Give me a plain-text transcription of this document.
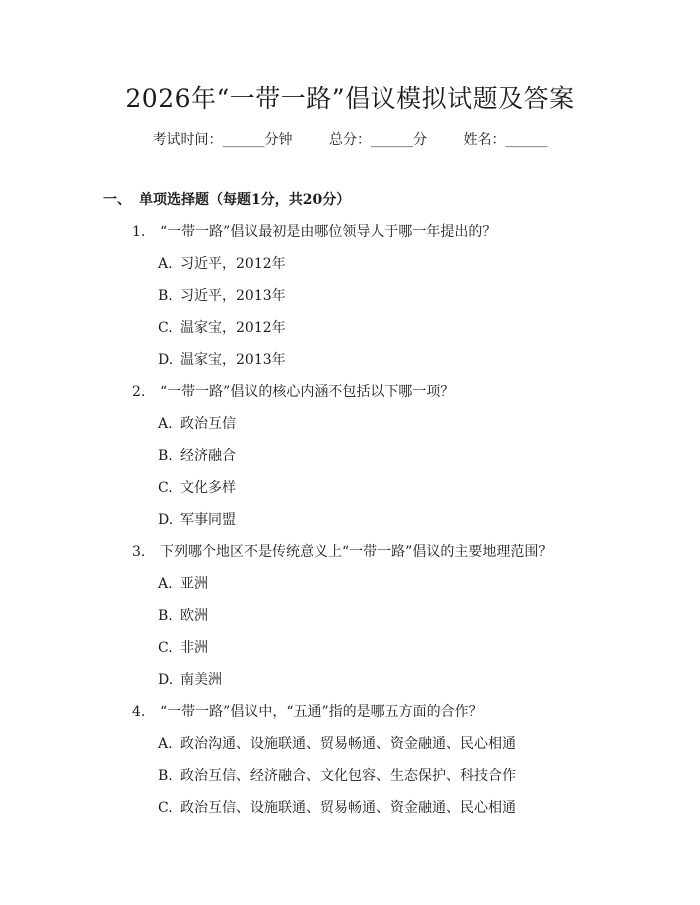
2026年“一带一路”倡议模拟试题及答案
考试时间：______分钟	总分：______分	姓名：______
一、 单项选择题（每题1分，共20分）
1. “一带一路”倡议最初是由哪位领导人于哪一年提出的？
A. 习近平，2012年
B. 习近平，2013年
C. 温家宝，2012年
D. 温家宝，2013年
2. “一带一路”倡议的核心内涵不包括以下哪一项？
A. 政治互信
B. 经济融合
C. 文化多样
D. 军事同盟
3. 下列哪个地区不是传统意义上“一带一路”倡议的主要地理范围？
A. 亚洲
B. 欧洲
C. 非洲
D. 南美洲
4. “一带一路”倡议中，“五通”指的是哪五方面的合作？
A. 政治沟通、设施联通、贸易畅通、资金融通、民心相通
B. 政治互信、经济融合、文化包容、生态保护、科技合作
C. 政治互信、设施联通、贸易畅通、资金融通、民心相通
